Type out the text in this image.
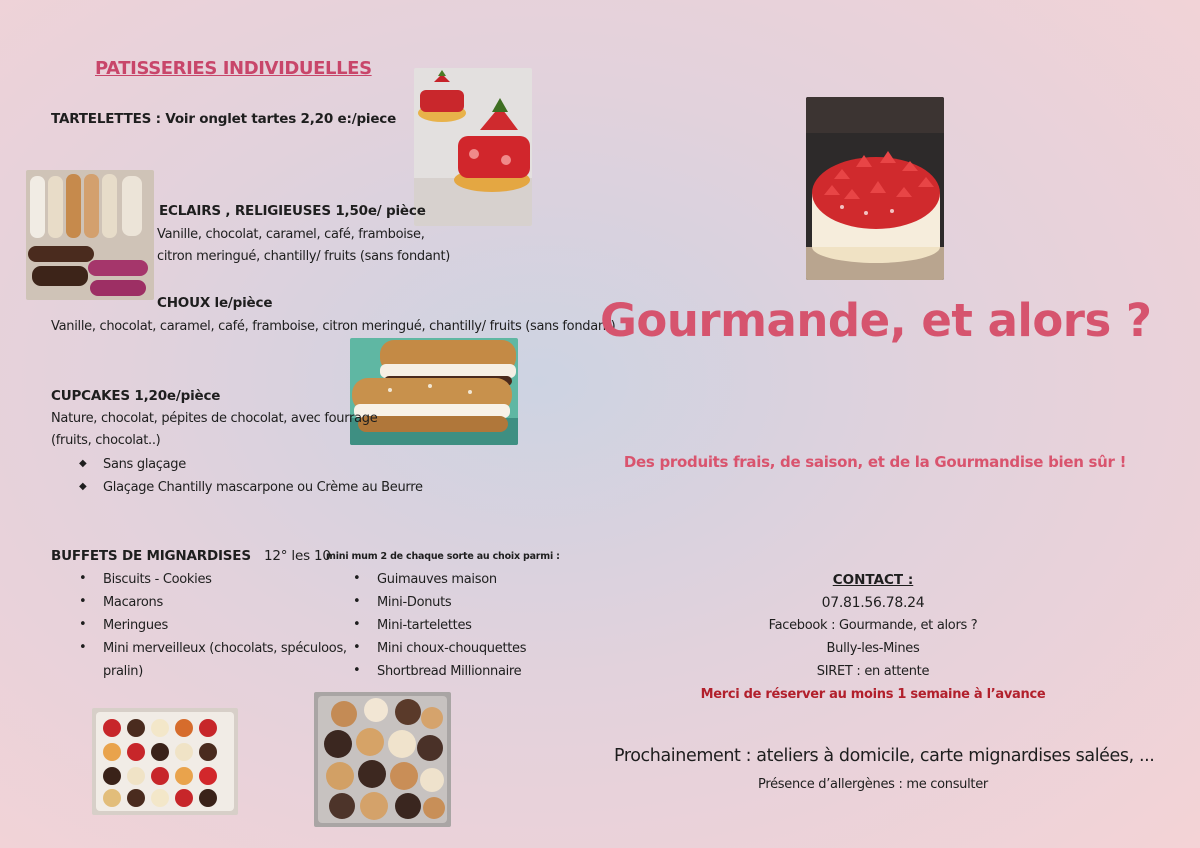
PATISSERIES INDIVIDUELLES
TARTELETTES : Voir onglet tartes 2,20 e:/piece
ECLAIRS , RELIGIEUSES 1,50e/ pièce
Vanille, chocolat, caramel, café, framboise,
citron meringué, chantilly/ fruits (sans fondant)
CHOUX le/pièce
Vanille, chocolat, caramel, café, framboise, citron meringué, chantilly/ fruits (sans fondant)
CUPCAKES 1,20e/pièce
Nature, chocolat, pépites de chocolat, avec fourrage
(fruits, chocolat..)
◆ Sans glaçage
◆ Glaçage Chantilly mascarpone ou Crème au Beurre
BUFFETS DE MIGNARDISES 12° les 10
mini mum 2 de chaque sorte au choix parmi :
• Biscuits - Cookies
• Macarons
• Meringues
• Mini merveilleux (chocolats, spéculoos,
pralin)
• Guimauves maison
• Mini-Donuts
• Mini-tartelettes
• Mini choux-chouquettes
• Shortbread Millionnaire
Gourmande, et alors ?
Des produits frais, de saison, et de la Gourmandise bien sûr !
CONTACT :
07.81.56.78.24
Facebook : Gourmande, et alors ?
Bully-les-Mines
SIRET : en attente
Merci de réserver au moins 1 semaine à l’avance
Prochainement : ateliers à domicile, carte mignardises salées, ...
Présence d’allergènes : me consulter
